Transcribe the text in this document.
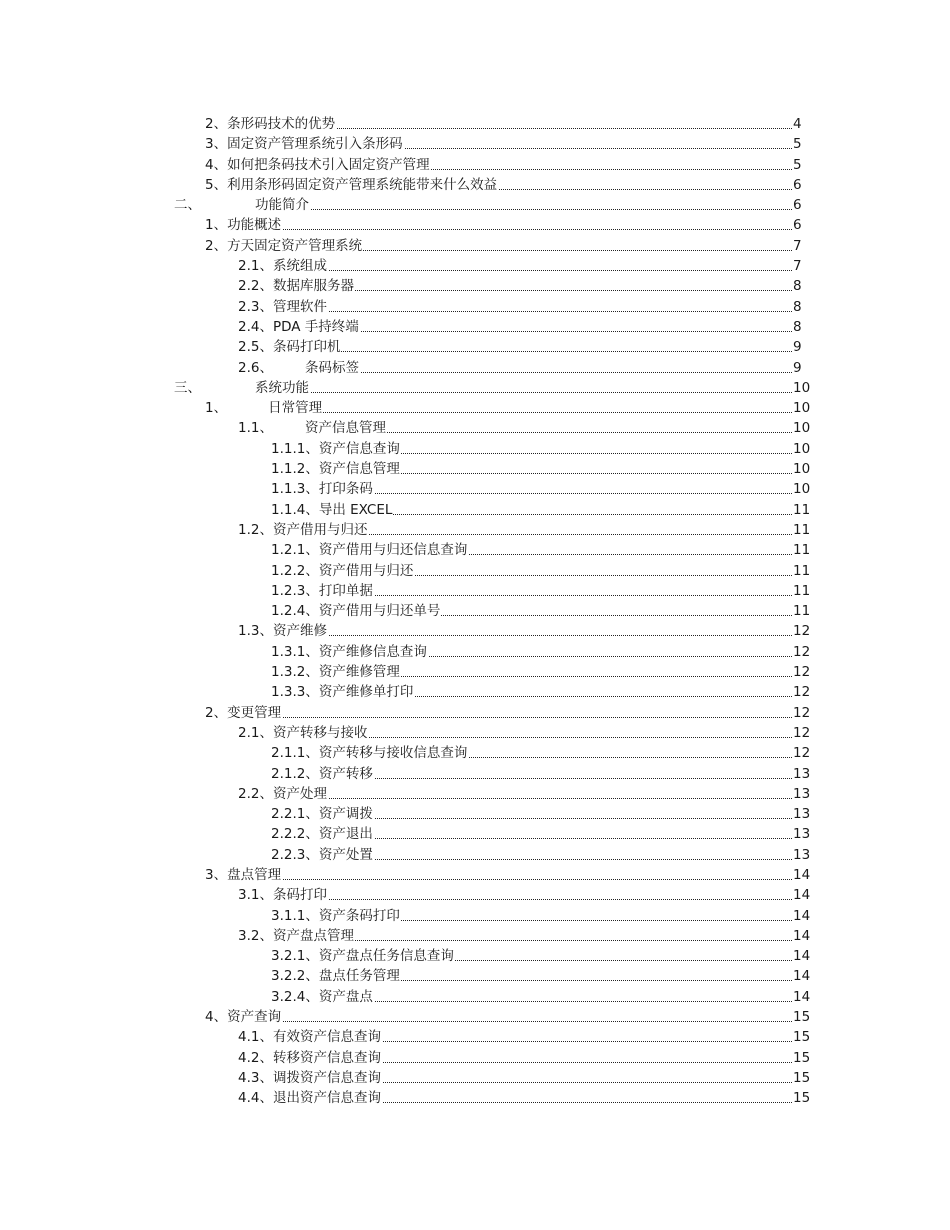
2、条形码技术的优势	4
3、固定资产管理系统引入条形码	5
4、如何把条码技术引入固定资产管理	5
5、利用条形码固定资产管理系统能带来什么效益	6
二、	功能简介	6
1、功能概述	6
2、方天固定资产管理系统	7
2.1、系统组成	7
2.2、数据库服务器	8
2.3、管理软件	8
2.4、PDA 手持终端	8
2.5、条码打印机	9
2.6、 条码标签	9
三、	系统功能	10
1、	日常管理	10
1.1、 资产信息管理	10
1.1.1、资产信息查询	10
1.1.2、资产信息管理	10
1.1.3、打印条码	10
1.1.4、导出 EXCEL	11
1.2、资产借用与归还	11
1.2.1、资产借用与归还信息查询	11
1.2.2、资产借用与归还	11
1.2.3、打印单据	11
1.2.4、资产借用与归还单号	11
1.3、资产维修	12
1.3.1、资产维修信息查询	12
1.3.2、资产维修管理	12
1.3.3、资产维修单打印	12
2、变更管理	12
2.1、资产转移与接收	12
2.1.1、资产转移与接收信息查询	12
2.1.2、资产转移	13
2.2、资产处理	13
2.2.1、资产调拨	13
2.2.2、资产退出	13
2.2.3、资产处置	13
3、盘点管理	14
3.1、条码打印	14
3.1.1、资产条码打印	14
3.2、资产盘点管理	14
3.2.1、资产盘点任务信息查询	14
3.2.2、盘点任务管理	14
3.2.4、资产盘点	14
4、资产查询	15
4.1、有效资产信息查询	15
4.2、转移资产信息查询	15
4.3、调拨资产信息查询	15
4.4、退出资产信息查询	15
